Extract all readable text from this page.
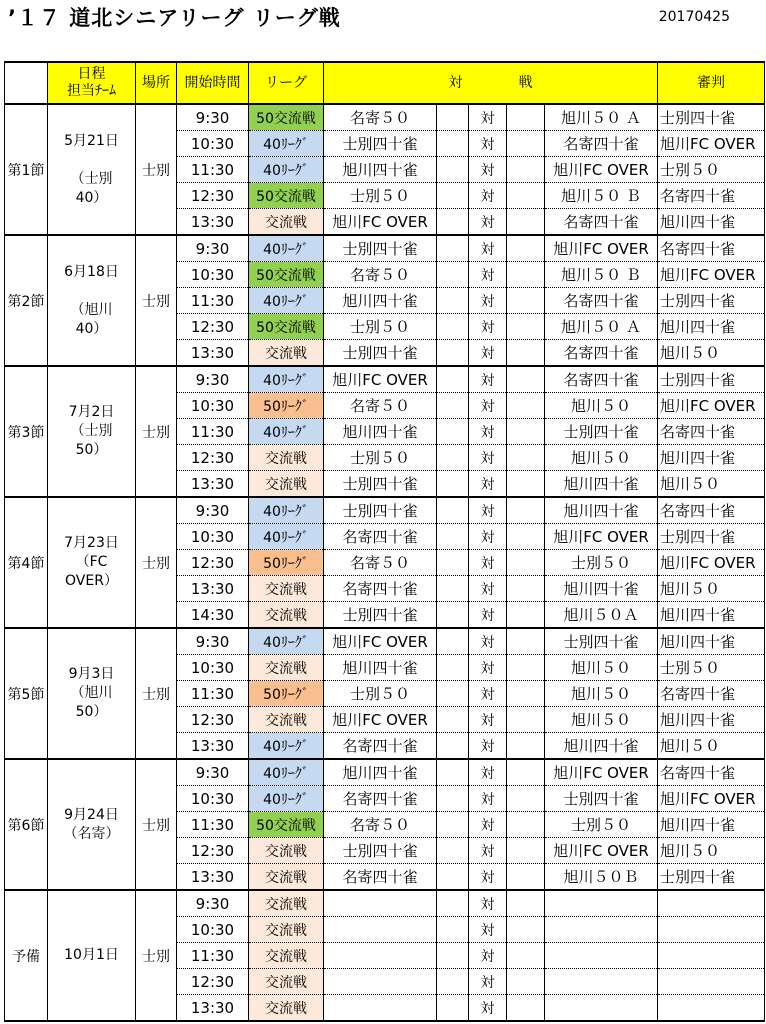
’１７ 道北シニアリーグ リーグ戦	20170425

	日程
担当ﾁｰﾑ	場所	開始時間	リーグ	対　　　　戦					審判
第1節	5月21日
（士別
40）	士別	9:30	50交流戦	名寄５０		対		旭川５０ Ａ	士別四十雀
			10:30	40ﾘｰｸﾞ	士別四十雀		対		名寄四十雀	旭川FC OVER
			11:30	40ﾘｰｸﾞ	旭川四十雀		対		旭川FC OVER	士別５０
			12:30	50交流戦	士別５０		対		旭川５０ Ｂ	名寄四十雀
			13:30	交流戦	旭川FC OVER		対		名寄四十雀	旭川四十雀
第2節	6月18日
（旭川
40）	士別	9:30	40ﾘｰｸﾞ	士別四十雀		対		旭川FC OVER	名寄四十雀
			10:30	50交流戦	名寄５０		対		旭川５０ Ｂ	旭川FC OVER
			11:30	40ﾘｰｸﾞ	旭川四十雀		対		名寄四十雀	士別四十雀
			12:30	50交流戦	士別５０		対		旭川５０ Ａ	旭川四十雀
			13:30	交流戦	士別四十雀		対		名寄四十雀	旭川５０
第3節	7月2日
（士別
50）	士別	9:30	40ﾘｰｸﾞ	旭川FC OVER		対		名寄四十雀	士別四十雀
			10:30	50ﾘｰｸﾞ	名寄５０		対		旭川５０	旭川FC OVER
			11:30	40ﾘｰｸﾞ	旭川四十雀		対		士別四十雀	名寄四十雀
			12:30	交流戦	士別５０		対		旭川５０	旭川四十雀
			13:30	交流戦	士別四十雀		対		旭川四十雀	旭川５０
第4節	7月23日
（FC
OVER）	士別	9:30	40ﾘｰｸﾞ	士別四十雀		対		旭川四十雀	名寄四十雀
			10:30	40ﾘｰｸﾞ	名寄四十雀		対		旭川FC OVER	士別四十雀
			12:30	50ﾘｰｸﾞ	名寄５０		対		士別５０	旭川FC OVER
			13:30	交流戦	名寄四十雀		対		旭川四十雀	旭川５０
			14:30	交流戦	士別四十雀		対		旭川５０Ａ	旭川四十雀
第5節	9月3日
（旭川
50）	士別	9:30	40ﾘｰｸﾞ	旭川FC OVER		対		士別四十雀	旭川四十雀
			10:30	交流戦	旭川四十雀		対		旭川５０	士別５０
			11:30	50ﾘｰｸﾞ	士別５０		対		旭川５０	名寄四十雀
			12:30	交流戦	旭川FC OVER		対		旭川５０	旭川四十雀
			13:30	40ﾘｰｸﾞ	名寄四十雀		対		旭川四十雀	旭川５０
第6節	9月24日
（名寄）	士別	9:30	40ﾘｰｸﾞ	旭川四十雀		対		旭川FC OVER	名寄四十雀
			10:30	40ﾘｰｸﾞ	名寄四十雀		対		士別四十雀	旭川FC OVER
			11:30	50交流戦	名寄５０		対		士別５０	旭川四十雀
			12:30	交流戦	士別四十雀		対		旭川FC OVER	旭川５０
			13:30	交流戦	名寄四十雀		対		旭川５０Ｂ	士別四十雀
予備	10月1日	士別	9:30	交流戦			対			
			10:30	交流戦			対			
			11:30	交流戦			対			
			12:30	交流戦			対			
			13:30	交流戦			対			
